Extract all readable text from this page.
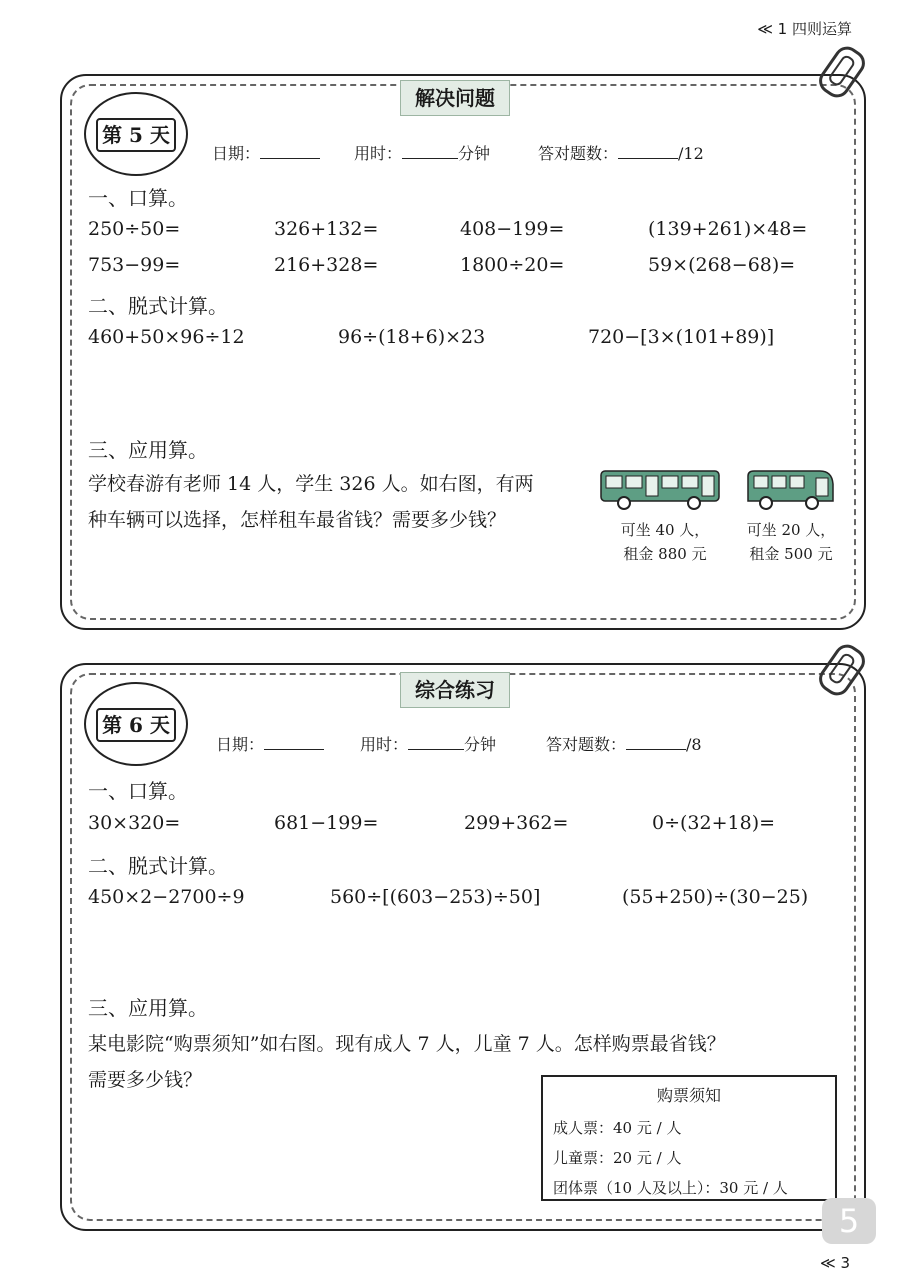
≪ 1 四则运算
解决问题
第 5 天
日期：	用时：	分钟	答对题数：	/12
一、口算。
250÷50=	326+132=	408−199=	(139+261)×48=
753−99=	216+328=	1800÷20=	59×(268−68)=
二、脱式计算。
460+50×96÷12	96÷(18+6)×23	720−[3×(101+89)]
三、应用算。
学校春游有老师 14 人，学生 326 人。如右图，有两
种车辆可以选择，怎样租车最省钱？需要多少钱？	可坐 40 人，
租金 880 元
可坐 20 人，
租金 500 元
综合练习
第 6 天
日期：	用时：	分钟	答对题数：	/8
一、口算。
30×320=	681−199=	299+362=	0÷(32+18)=
二、脱式计算。
450×2−2700÷9	560÷[(603−253)÷50]	(55+250)÷(30−25)
三、应用算。
某电影院“购票须知”如右图。现有成人 7 人，儿童 7 人。怎样购票最省钱？
需要多少钱？
购票须知
成人票：40 元 / 人
儿童票：20 元 / 人
团体票（10 人及以上）：30 元 / 人
5
≪ 3
